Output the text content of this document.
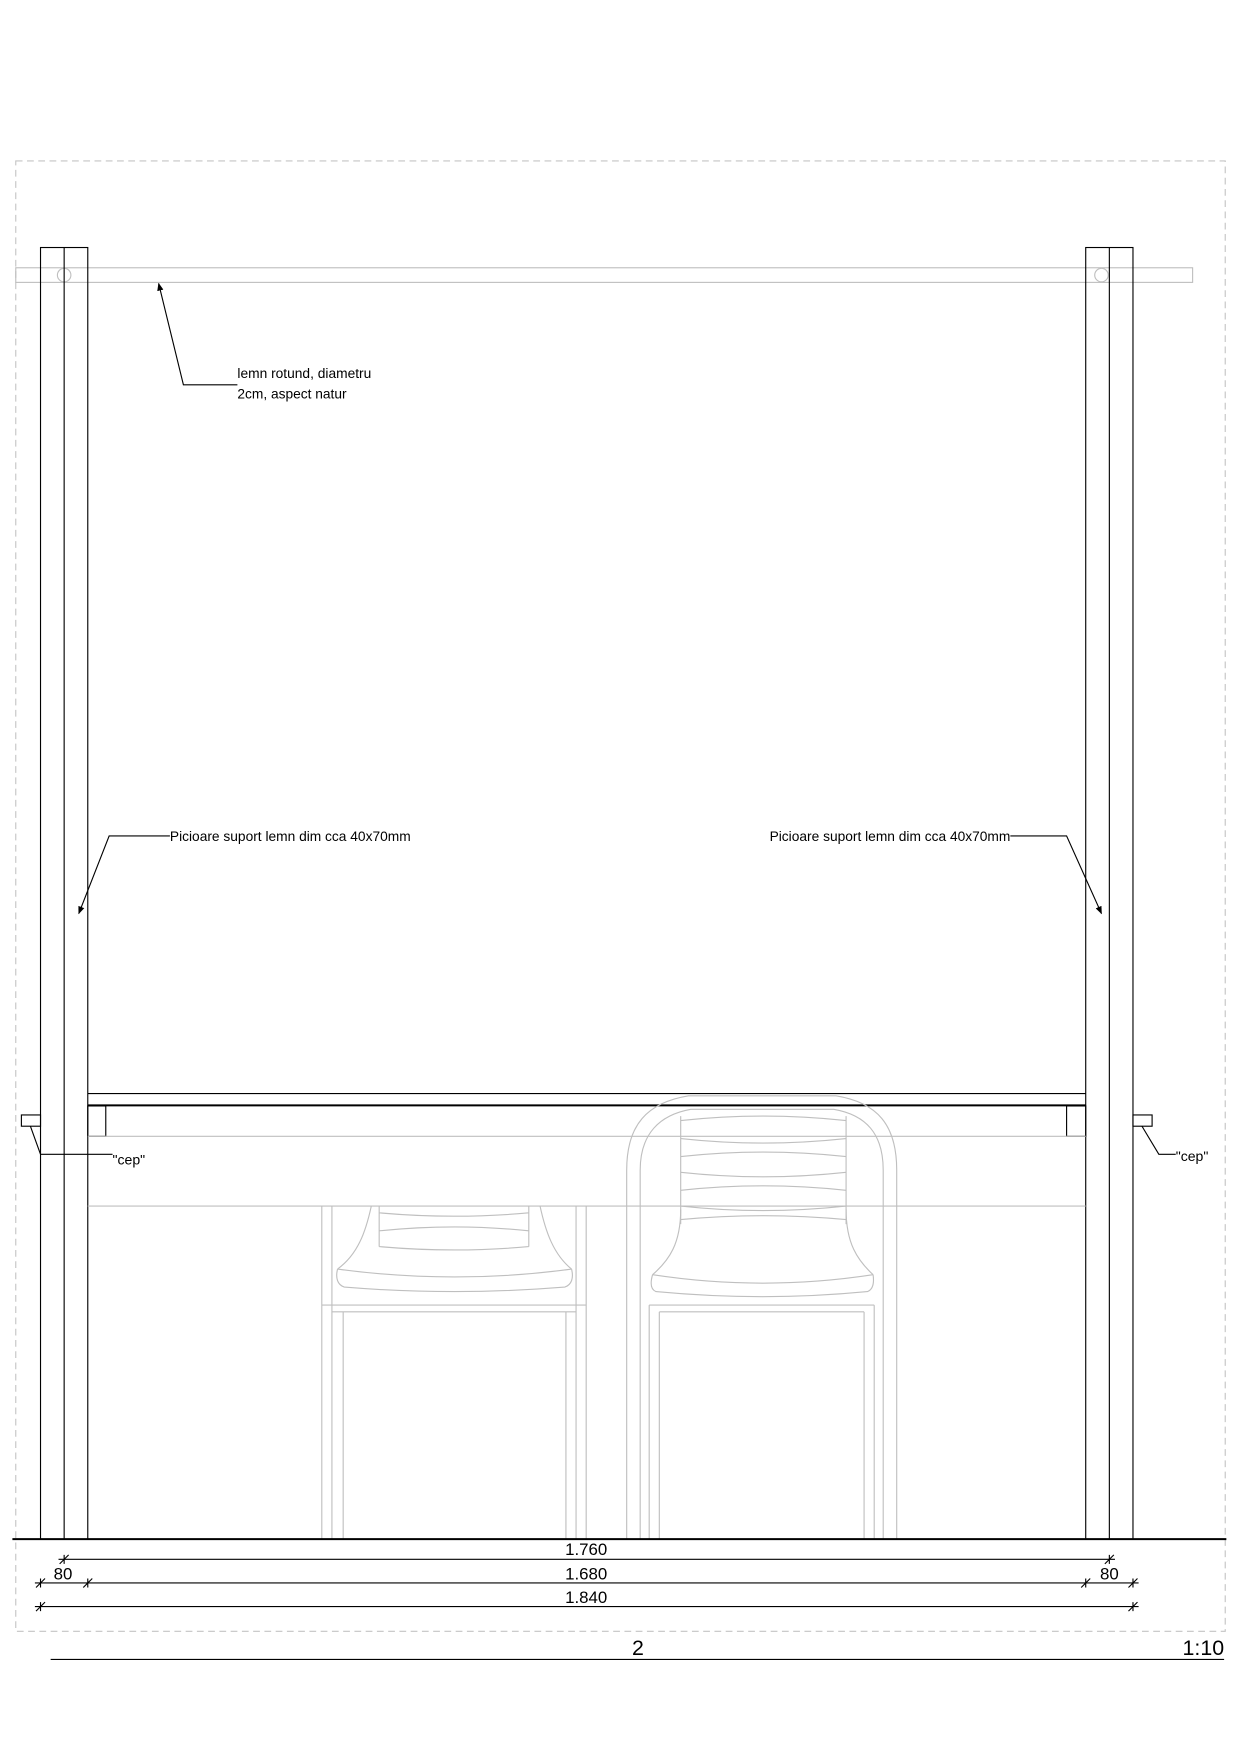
"cep"	"cep"
lemn rotund, diametru
2cm, aspect natur
Picioare suport lemn dim cca 40x70mm	Picioare suport lemn dim cca 40x70mm
1.760
80	1.680	80
1.840
2	1:10
